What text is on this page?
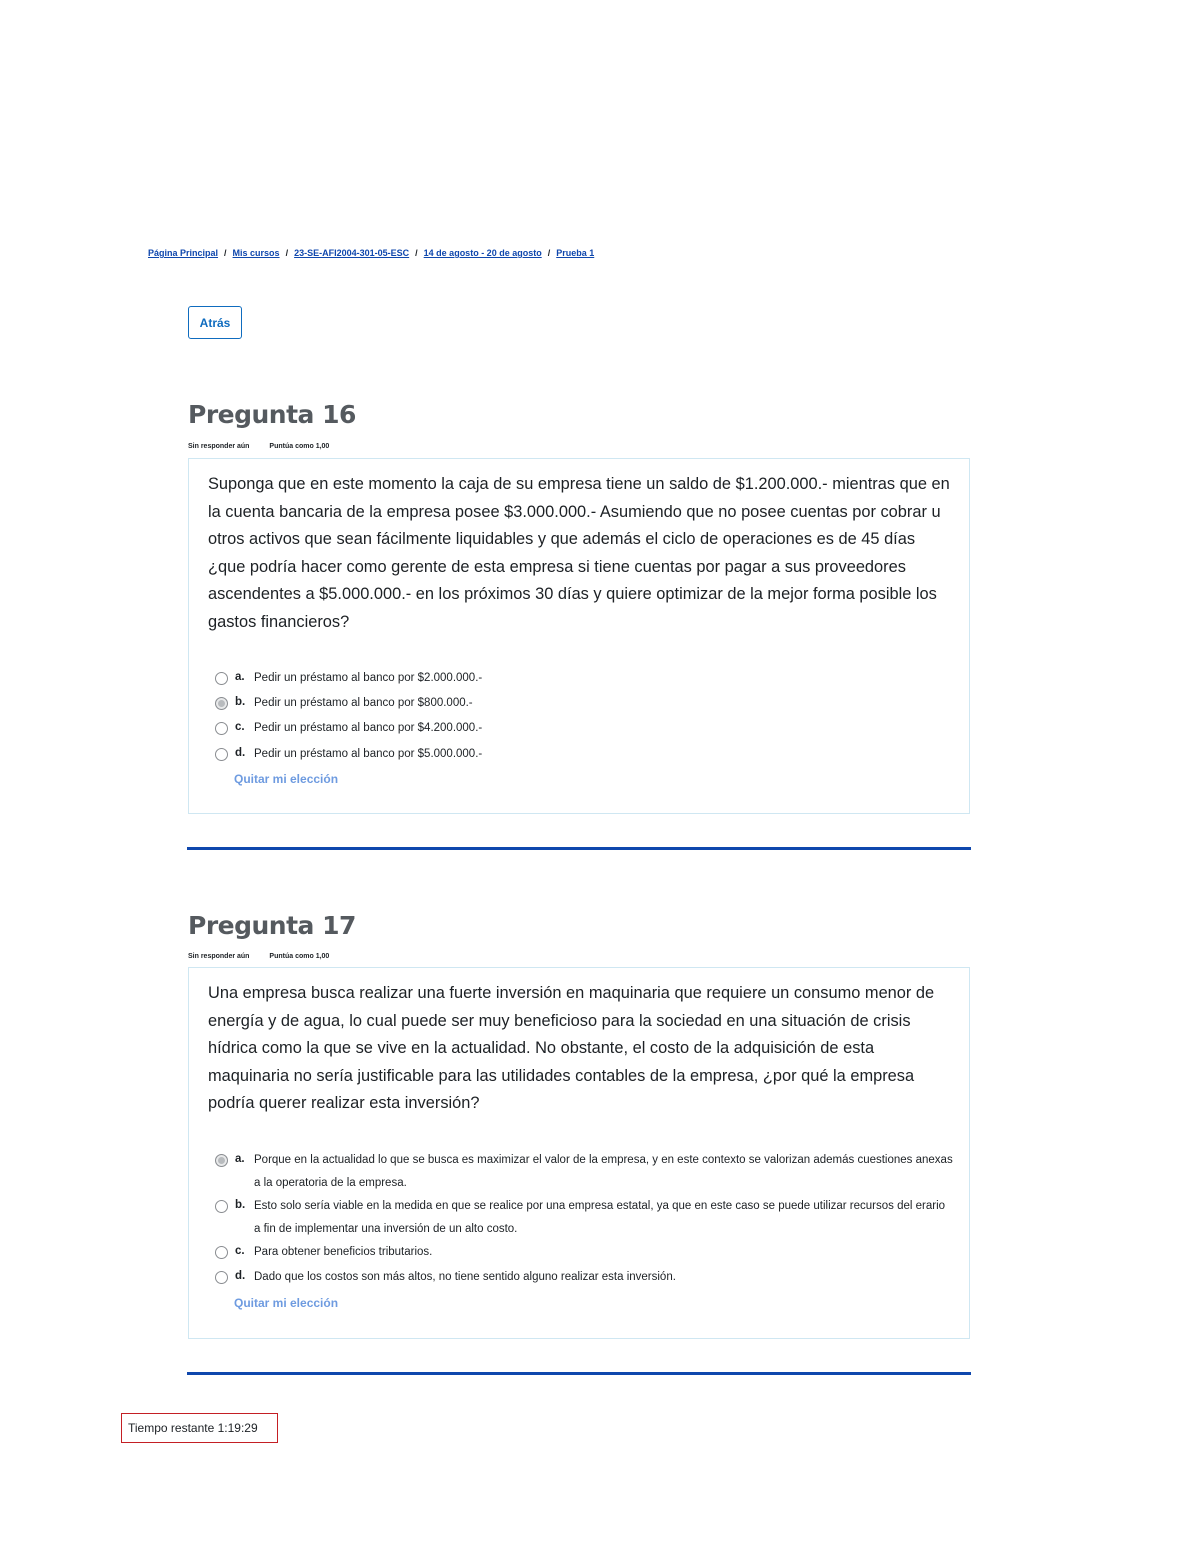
Página Principal / Mis cursos / 23-SE-AFI2004-301-05-ESC / 14 de agosto - 20 de agosto / Prueba 1
Atrás
Pregunta 16
Sin responder aún	Puntúa como 1,00
Suponga que en este momento la caja de su empresa tiene un saldo de $1.200.000.- mientras que en la cuenta bancaria de la empresa posee $3.000.000.- Asumiendo que no posee cuentas por cobrar u otros activos que sean fácilmente liquidables y que además el ciclo de operaciones es de 45 días ¿que podría hacer como gerente de esta empresa si tiene cuentas por pagar a sus proveedores ascendentes a $5.000.000.- en los próximos 30 días y quiere optimizar de la mejor forma posible los gastos financieros?
a. Pedir un préstamo al banco por $2.000.000.-
b. Pedir un préstamo al banco por $800.000.-
c. Pedir un préstamo al banco por $4.200.000.-
d. Pedir un préstamo al banco por $5.000.000.-
Quitar mi elección
Pregunta 17
Sin responder aún	Puntúa como 1,00
Una empresa busca realizar una fuerte inversión en maquinaria que requiere un consumo menor de energía y de agua, lo cual puede ser muy beneficioso para la sociedad en una situación de crisis hídrica como la que se vive en la actualidad. No obstante, el costo de la adquisición de esta maquinaria no sería justificable para las utilidades contables de la empresa, ¿por qué la empresa podría querer realizar esta inversión?
a. Porque en la actualidad lo que se busca es maximizar el valor de la empresa, y en este contexto se valorizan además cuestiones anexas a la operatoria de la empresa.
b. Esto solo sería viable en la medida en que se realice por una empresa estatal, ya que en este caso se puede utilizar recursos del erario a fin de implementar una inversión de un alto costo.
c. Para obtener beneficios tributarios.
d. Dado que los costos son más altos, no tiene sentido alguno realizar esta inversión.
Quitar mi elección
Tiempo restante 1:19:29
